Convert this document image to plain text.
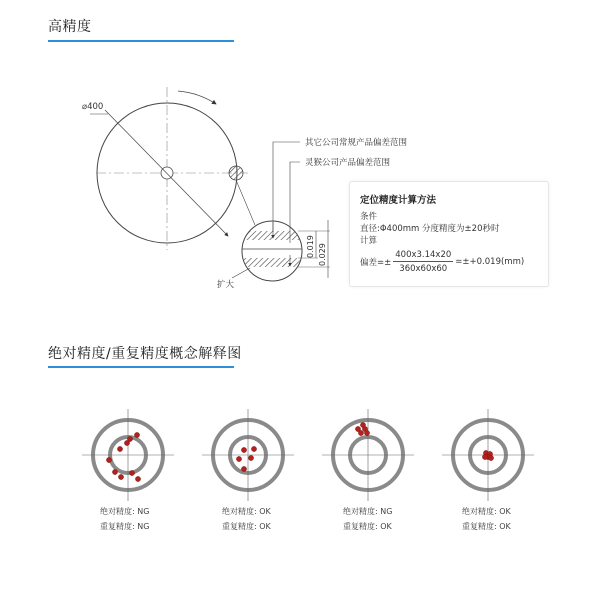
高精度
绝对精度/重复精度概念解释图
0.019 0.029
⌀400
其它公司常规产品偏差范围
灵猴公司产品偏差范围
扩大
定位精度计算方法
条件
直径:Φ400mm 分度精度为±20秒时
计算
偏差=± $\frac{400x3.14x20}{360x60x60} =\pm+0.019(mm)$
绝对精度: NG
重复精度: NG
绝对精度: OK
重复精度: OK
绝对精度: NG
重复精度: OK
绝对精度: OK
重复精度: OK
